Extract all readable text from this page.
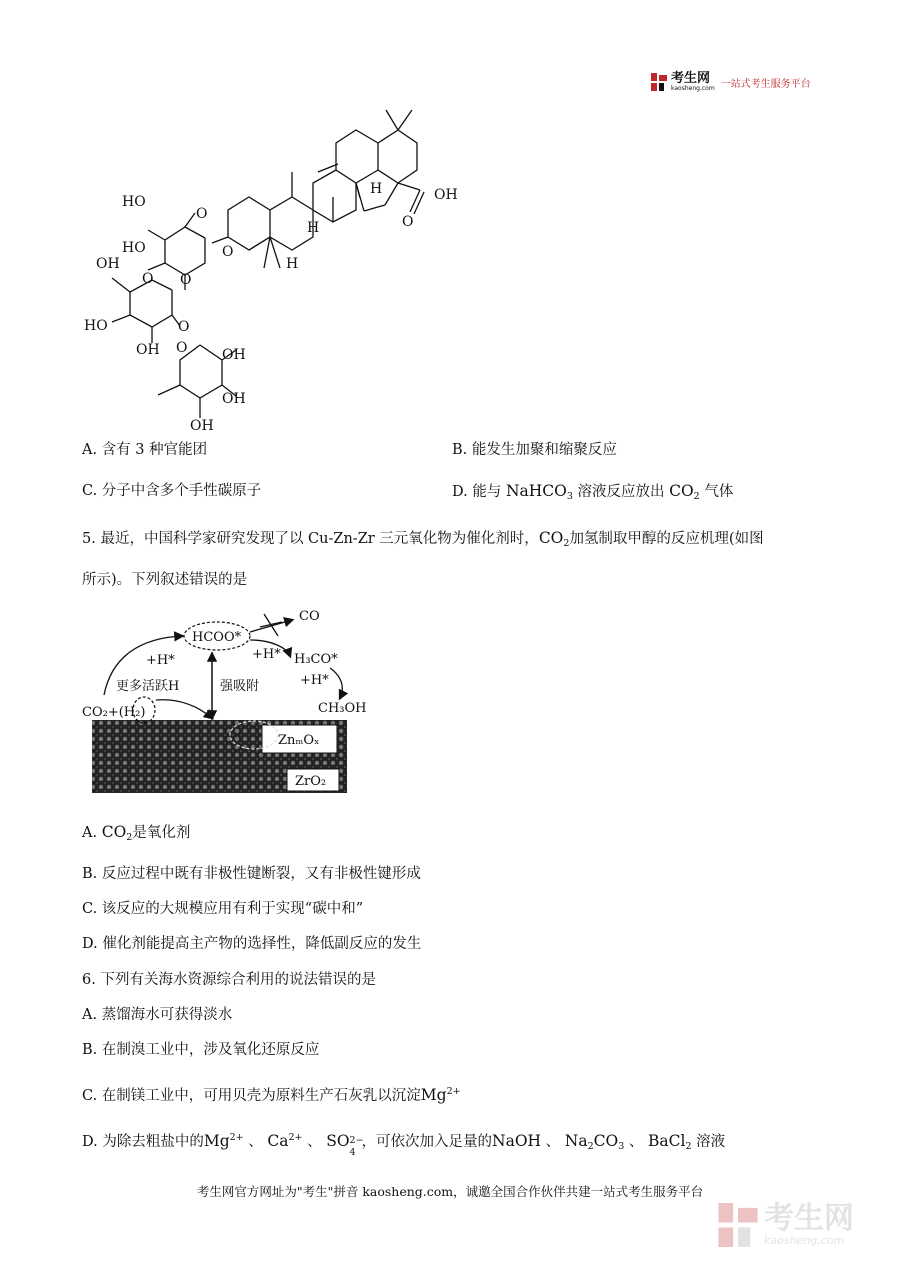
考生网
kaosheng.com 一站式考生服务平台
HO
HO
OH
HO
OH	OH
OH
OH
OH
O
O
O O
O
O
O
H
H
H
A. 含有 3 种官能团	B. 能发生加聚和缩聚反应
C. 分子中含多个手性碳原子	D. 能与 NaHCO$_3$ 溶液反应放出 $CO_2$ 气体
5. 最近，中国科学家研究发现了以 Cu-Zn-Zr 三元氧化物为催化剂时，$CO_2$加氢制取甲醇的反应机理(如图
所示)。下列叙述错误的是
HCOO*
CO
+H*	+H* H₃CO*
+H*
更多活跃H	强吸附
CO₂+(H₂)	CH₃OH
ZnₘOₓ
ZrO₂
A. $CO_2$是氧化剂
B. 反应过程中既有非极性键断裂，又有非极性键形成
C. 该反应的大规模应用有利于实现“碳中和”
D. 催化剂能提高主产物的选择性，降低副反应的发生
6. 下列有关海水资源综合利用的说法错误的是
A. 蒸馏海水可获得淡水
B. 在制溴工业中，涉及氧化还原反应
C. 在制镁工业中，可用贝壳为原料生产石灰乳以沉淀$Mg^{2+}$
D. 为除去粗盐中的$Mg^{2+}$ 、 $Ca^{2+}$ 、 SO 2−
4
，可依次加入足量的NaOH 、 $Na_2CO_3$ 、 BaCl$_2$ 溶液
考生网官方网址为"考生"拼音 kaosheng.com，诚邀全国合作伙伴共建一站式考生服务平台
考生网
kaosheng.com
